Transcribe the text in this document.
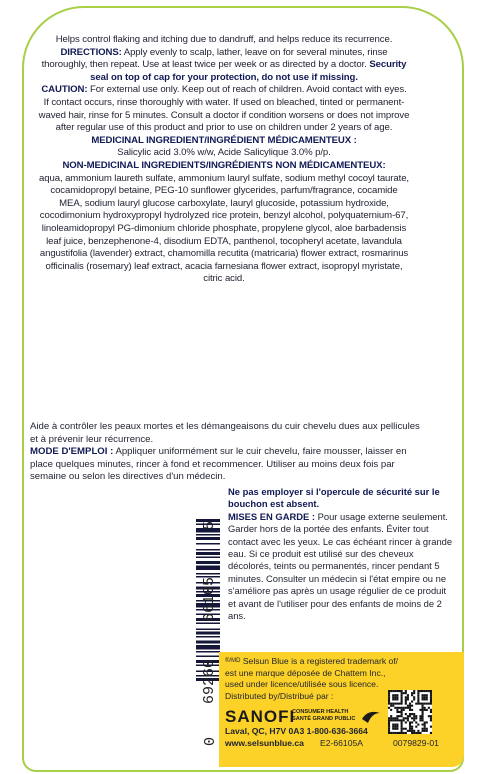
Helps control flaking and itching due to dandruff, and helps reduce its recurrence.

DIRECTIONS: Apply evenly to scalp, lather, leave on for several minutes, rinse thoroughly, then repeat. Use at least twice per week or as directed by a doctor. Security seal on top of cap for your protection, do not use if missing.

CAUTION: For external use only. Keep out of reach of children. Avoid contact with eyes. If contact occurs, rinse thoroughly with water. If used on bleached, tinted or permanent-waved hair, rinse for 5 minutes. Consult a doctor if condition worsens or does not improve after regular use of this product and prior to use on children under 2 years of age.

MEDICINAL INGREDIENT/INGRÉDIENT MÉDICAMENTEUX :

Salicylic acid 3.0% w/w, Acide Salicylique 3.0% p/p.

NON-MEDICINAL INGREDIENTS/INGRÉDIENTS NON MÉDICAMENTEUX:

aqua, ammonium laureth sulfate, ammonium lauryl sulfate, sodium methyl cocoyl taurate, cocamidopropyl betaine, PEG-10 sunflower glycerides, parfum/fragrance, cocamide MEA, sodium lauryl glucose carboxylate, lauryl glucoside, potassium hydroxide, cocodimonium hydroxypropyl hydrolyzed rice protein, benzyl alcohol, polyquaternium-67, linoleamidopropyl PG-dimonium chloride phosphate, propylene glycol, aloe barbadensis leaf juice, benzephenone-4, disodium EDTA, panthenol, tocopheryl acetate, lavandula angustifolia (lavender) extract, chamomilla recutita (matricaria) flower extract, rosmarinus officinalis (rosemary) leaf extract, acacia farnesiana flower extract, isopropyl myristate, citric acid.

Aide à contrôler les peaux mortes et les démangeaisons du cuir chevelu dues aux pellicules et à prévenir leur récurrence.

MODE D'EMPLOI : Appliquer uniformément sur le cuir chevelu, faire mousser, laisser en place quelques minutes, rincer à fond et recommencer. Utiliser au moins deux fois par semaine ou selon les directives d'un médecin.

Ne pas employer si l'opercule de sécurité sur le bouchon est absent.

MISES EN GARDE : Pour usage externe seulement. Garder hors de la portée des enfants. Éviter tout contact avec les yeux. Le cas échéant rincer à grande eau. Si ce produit est utilisé sur des cheveux décolorés, teints ou permanentés, rincer pendant 5 minutes. Consulter un médecin si l'état empire ou ne s'améliore pas après un usage régulier de ce produit et avant de l'utiliser pour des enfants de moins de 2 ans.

0
69260
66105
5
$^{®/MD}$ Selsun Blue is a registered trademark of/
est une marque déposée de Chattem Inc.,
used under licence/utilisée sous licence.
Distributed by/Distribué par :
SANOFI
CONSUMER HEALTH
SANTÉ GRAND PUBLIC
Laval, QC, H7V 0A3 1-800-636-3664
www.selsunblue.ca E2-66105A	0079829-01
